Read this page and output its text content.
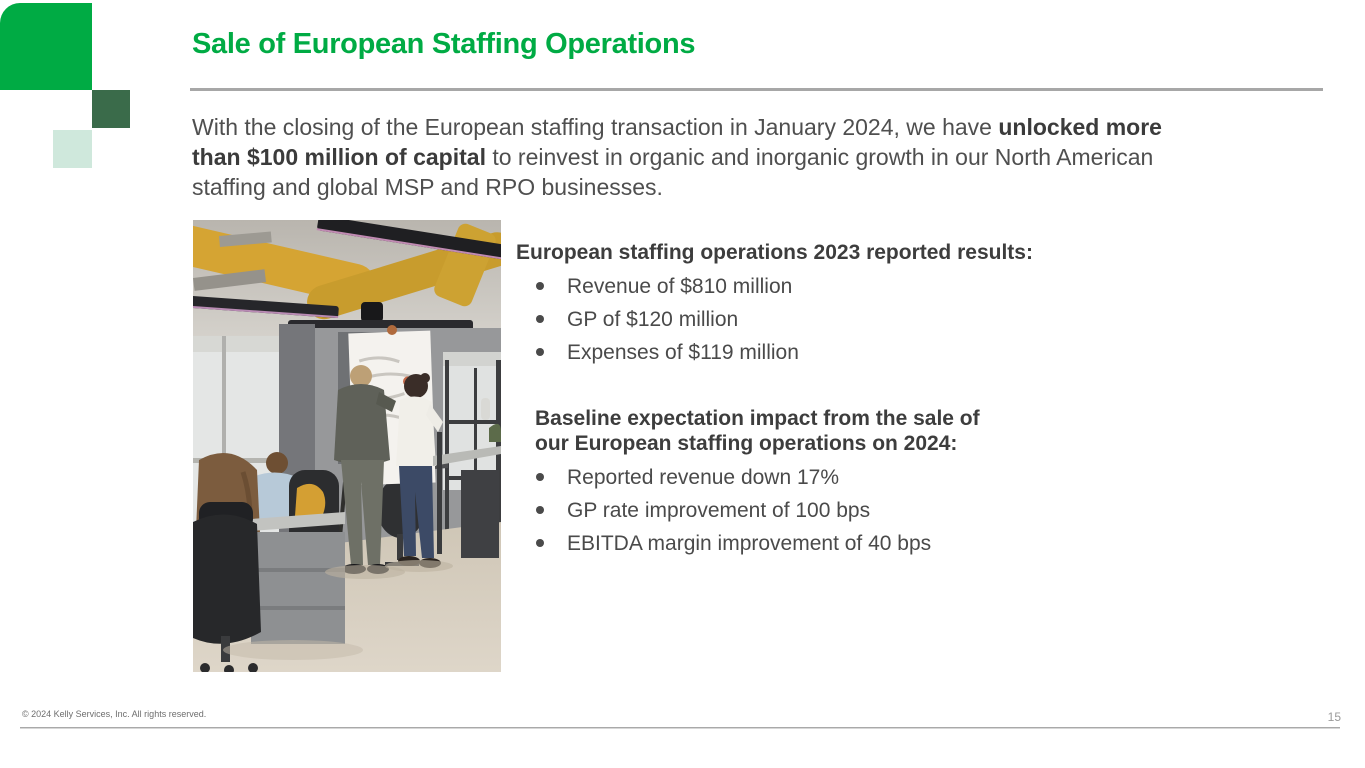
Sale of European Staffing Operations

With the closing of the European staffing transaction in January 2024, we have unlocked more than $100 million of capital to reinvest in organic and inorganic growth in our North American staffing and global MSP and RPO businesses.

European staffing operations 2023 reported results:
Revenue of $810 million
GP of $120 million
Expenses of $119 million
Baseline expectation impact from the sale of our European staffing operations on 2024:
Reported revenue down 17%
GP rate improvement of 100 bps
EBITDA margin improvement of 40 bps
© 2024 Kelly Services, Inc. All rights reserved.	15
